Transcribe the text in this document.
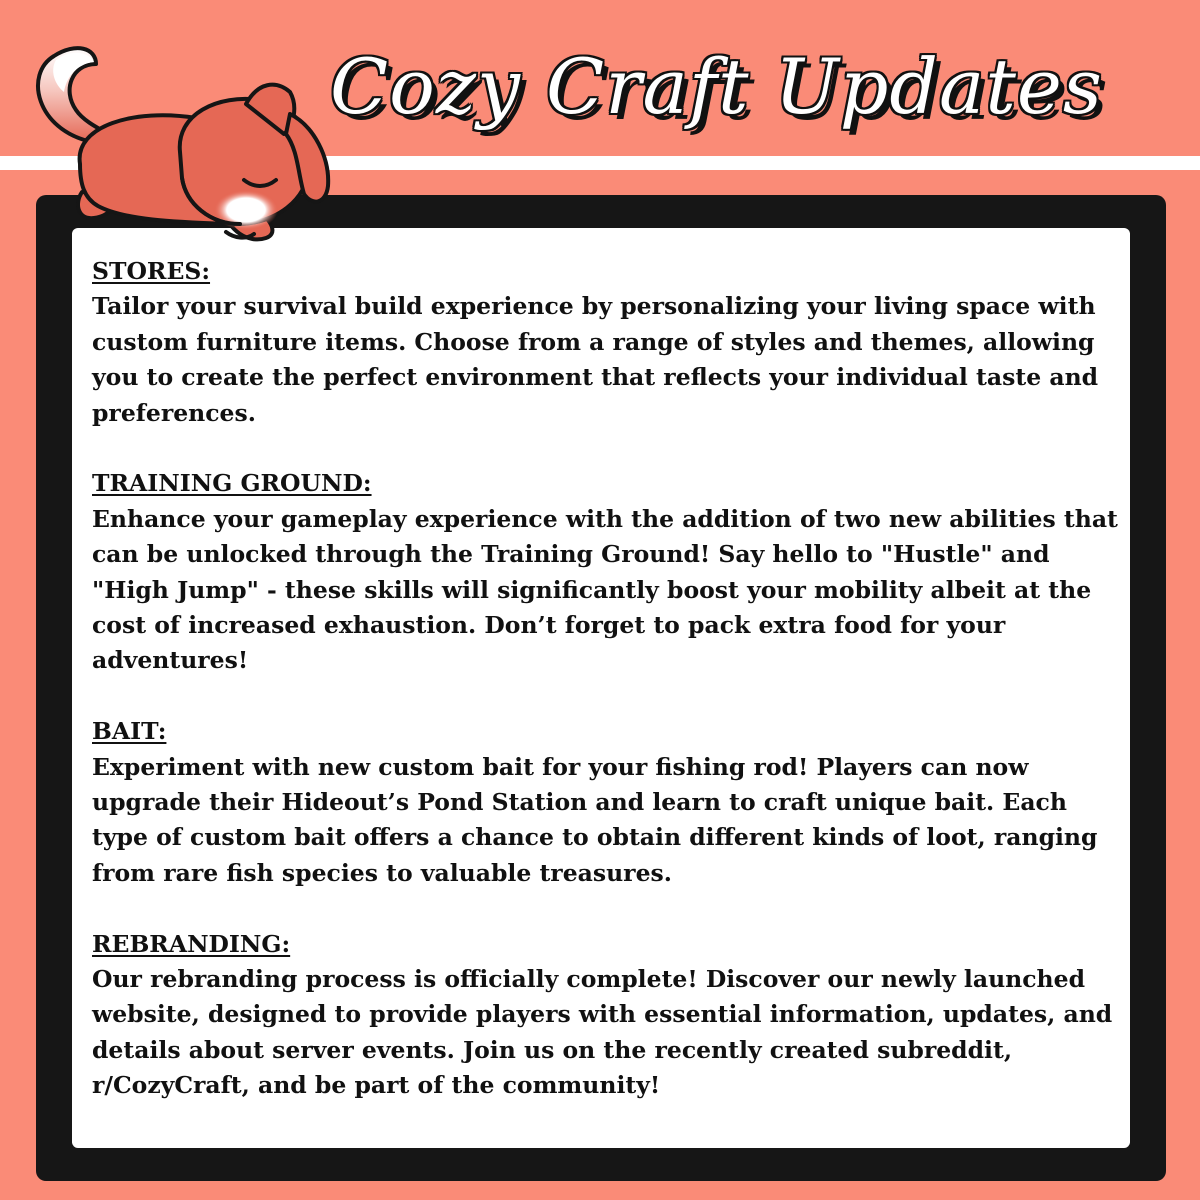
Cozy Craft Updates
STORES:

Tailor your survival build experience by personalizing your living space with custom furniture items. Choose from a range of styles and themes, allowing you to create the perfect environment that reflects your individual taste and preferences.

TRAINING GROUND:

Enhance your gameplay experience with the addition of two new abilities that can be unlocked through the Training Ground! Say hello to "Hustle" and "High Jump" - these skills will significantly boost your mobility albeit at the cost of increased exhaustion. Don’t forget to pack extra food for your adventures!

BAIT:

Experiment with new custom bait for your fishing rod! Players can now upgrade their Hideout’s Pond Station and learn to craft unique bait. Each type of custom bait offers a chance to obtain different kinds of loot, ranging from rare fish species to valuable treasures.

REBRANDING:

Our rebranding process is officially complete! Discover our newly launched website, designed to provide players with essential information, updates, and details about server events. Join us on the recently created subreddit, r/CozyCraft, and be part of the community!
